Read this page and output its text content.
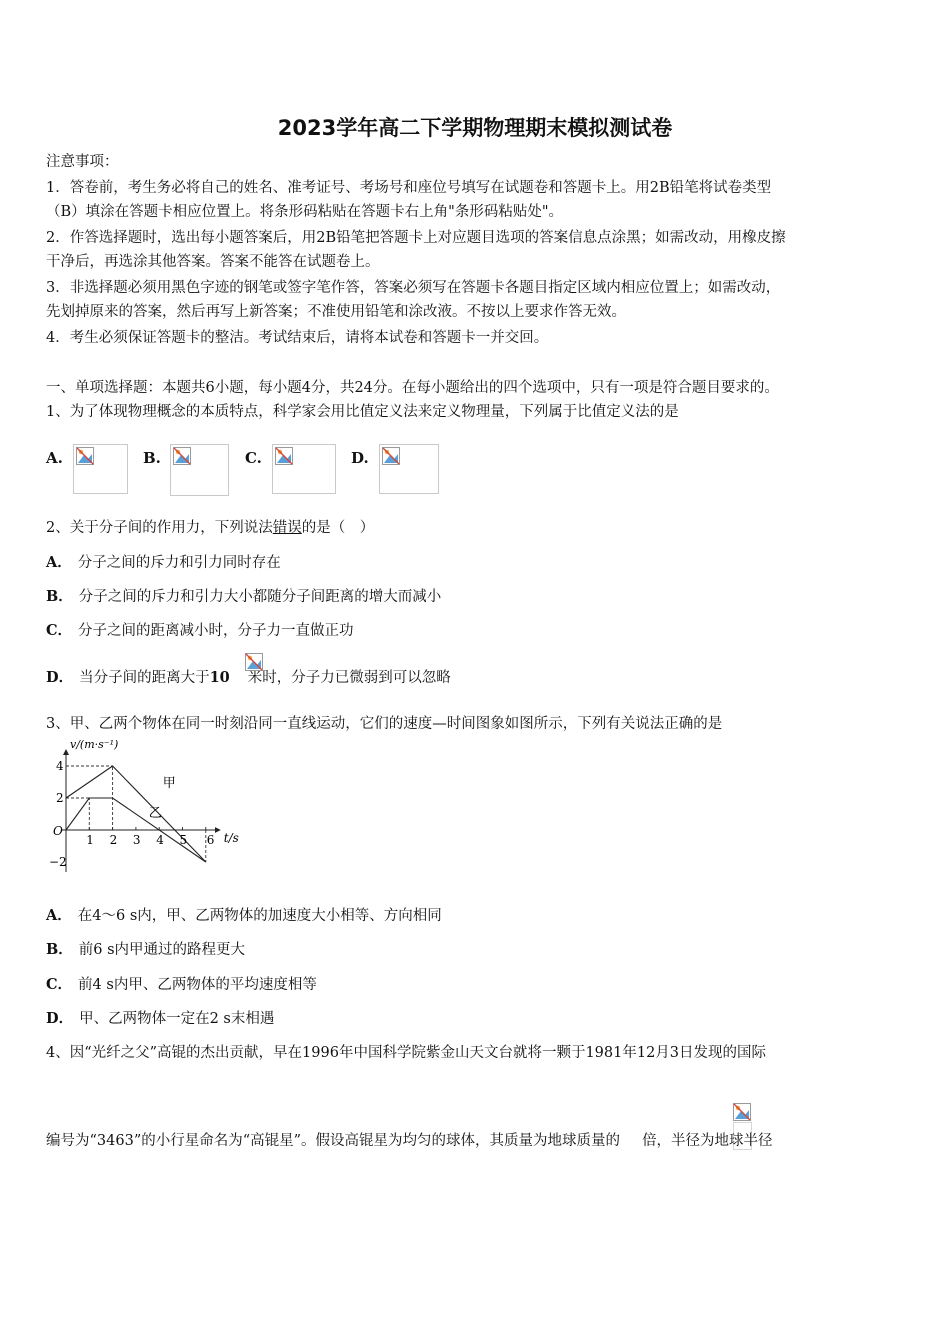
2023学年高二下学期物理期末模拟测试卷
注意事项：
1．答卷前，考生务必将自己的姓名、准考证号、考场号和座位号填写在试题卷和答题卡上。用2B铅笔将试卷类型
（B）填涂在答题卡相应位置上。将条形码粘贴在答题卡右上角"条形码粘贴处"。
2．作答选择题时，选出每小题答案后，用2B铅笔把答题卡上对应题目选项的答案信息点涂黑；如需改动，用橡皮擦
干净后，再选涂其他答案。答案不能答在试题卷上。
3．非选择题必须用黑色字迹的钢笔或签字笔作答，答案必须写在答题卡各题目指定区域内相应位置上；如需改动，
先划掉原来的答案，然后再写上新答案；不准使用铅笔和涂改液。不按以上要求作答无效。
4．考生必须保证答题卡的整洁。考试结束后，请将本试卷和答题卡一并交回。
一、单项选择题：本题共6小题，每小题4分，共24分。在每小题给出的四个选项中，只有一项是符合题目要求的。
1、为了体现物理概念的本质特点，科学家会用比值定义法来定义物理量，下列属于比值定义法的是
A.	B.	C.	D.
2、关于分子间的作用力，下列说法错误的是（　）
A． 分子之间的斥力和引力同时存在
B． 分子之间的斥力和引力大小都随分子间距离的增大而减小
C． 分子之间的距离减小时，分子力一直做正功
D． 当分子间的距离大于10 米时，分子力已微弱到可以忽略
3、甲、乙两个物体在同一时刻沿同一直线运动，它们的速度—时间图象如图所示，下列有关说法正确的是
1 2 3 4 5 6
4
2
−2
v/(m·s⁻¹)
t/s
O
甲
乙
A． 在4～6 s内，甲、乙两物体的加速度大小相等、方向相同
B． 前6 s内甲通过的路程更大
C． 前4 s内甲、乙两物体的平均速度相等
D． 甲、乙两物体一定在2 s末相遇
4、因“光纤之父”高锟的杰出贡献，早在1996年中国科学院紫金山天文台就将一颗于1981年12月3日发现的国际
编号为“3463”的小行星命名为“高锟星”。假设高锟星为均匀的球体，其质量为地球质量的 倍，半径为地球半径
